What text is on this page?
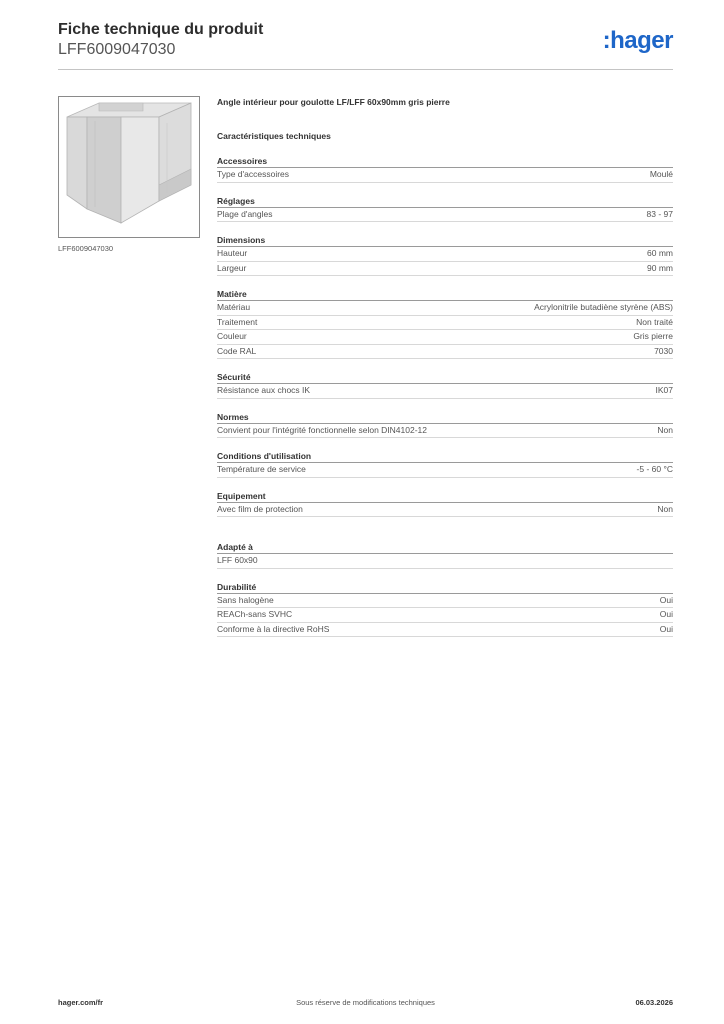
Fiche technique du produit
LFF6009047030	:hager
LFF6009047030
Angle intérieur pour goulotte LF/LFF 60x90mm gris pierre
Caractéristiques techniques
Accessoires
Type d'accessoires	Moulé
Réglages
Plage d'angles	83 - 97
Dimensions
Hauteur	60 mm
Largeur	90 mm
Matière
Matériau	Acrylonitrile butadiène styrène (ABS)
Traitement	Non traité
Couleur	Gris pierre
Code RAL	7030
Sécurité
Résistance aux chocs IK	IK07
Normes
Convient pour l'intégrité fonctionnelle selon DIN4102-12	Non
Conditions d'utilisation
Température de service	-5 - 60 °C
Equipement
Avec film de protection	Non
Adapté à
LFF 60x90
Durabilité
Sans halogène	Oui
REACh-sans SVHC	Oui
Conforme à la directive RoHS	Oui
Sous réserve de modifications techniques
hager.com/fr	06.03.2026
